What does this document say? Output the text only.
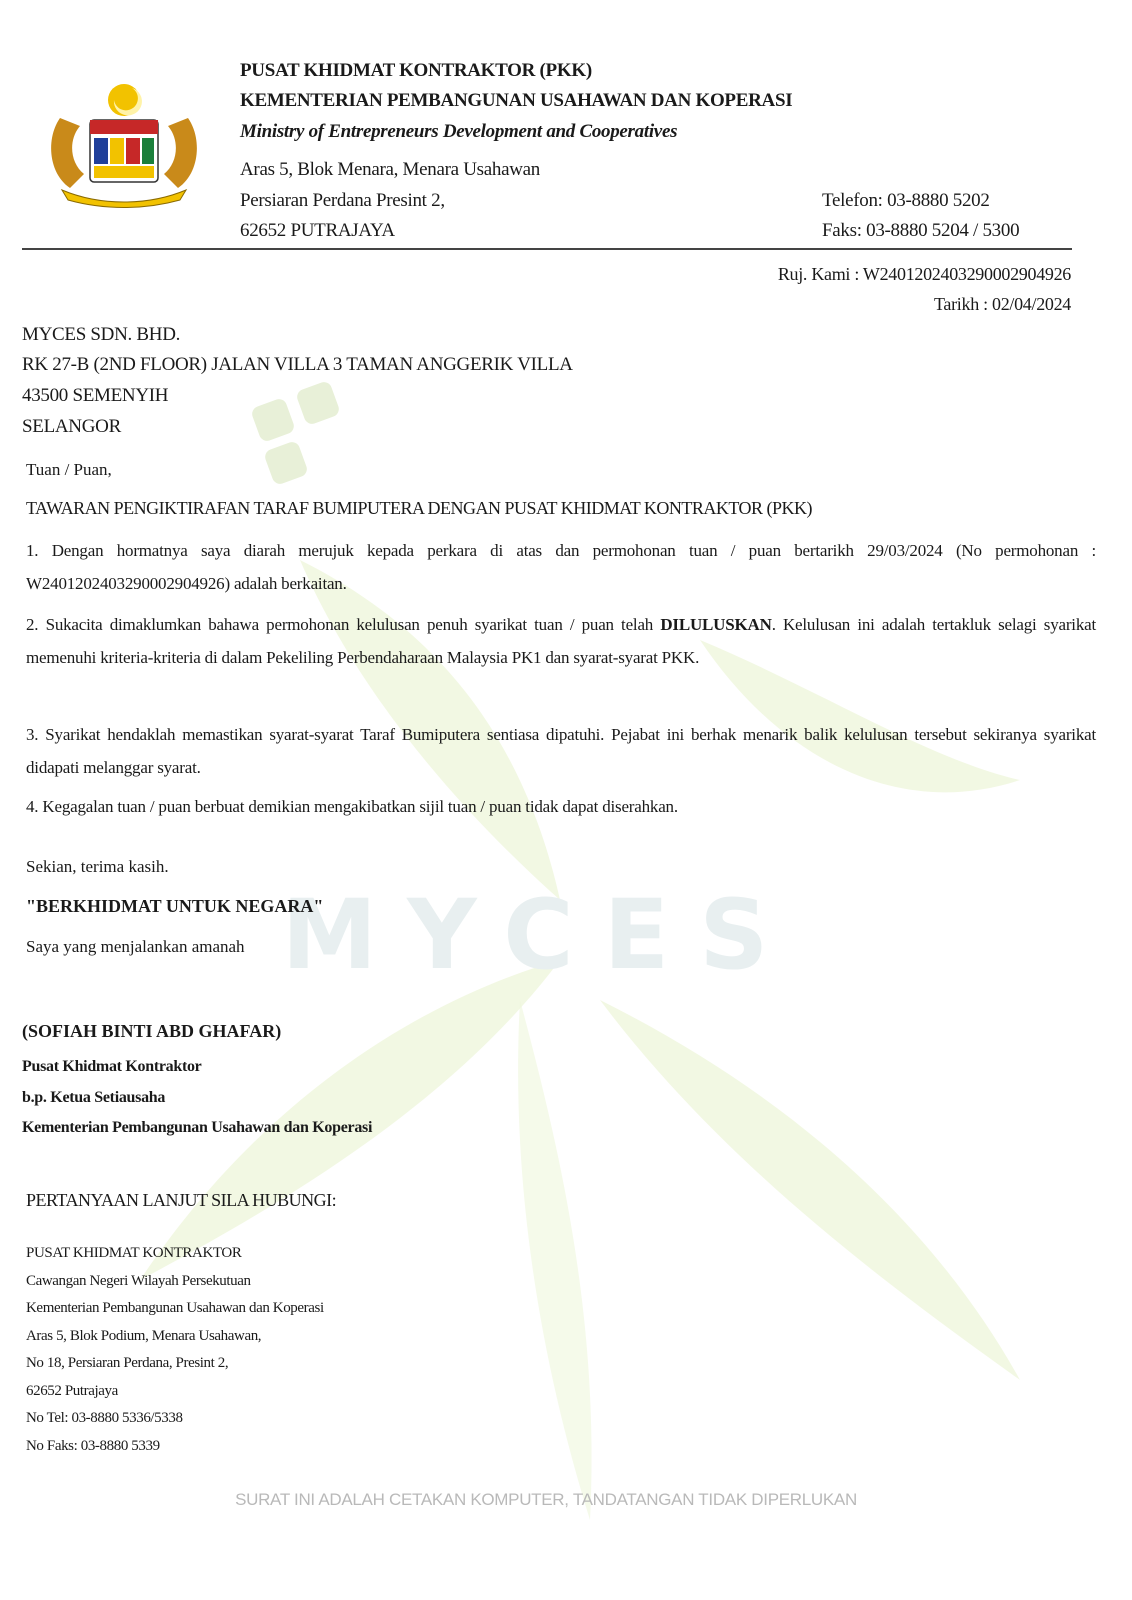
MYCES
PUSAT KHIDMAT KONTRAKTOR (PKK)
KEMENTERIAN PEMBANGUNAN USAHAWAN DAN KOPERASI
Ministry of Entrepreneurs Development and Cooperatives
Aras 5, Blok Menara, Menara Usahawan
Persiaran Perdana Presint 2,
62652 PUTRAJAYA
Telefon: 03-8880 5202
Faks: 03-8880 5204 / 5300
Ruj. Kami : W240120240329000290492​6
Tarikh : 02/04/2024
MYCES SDN. BHD.
RK 27-B (2ND FLOOR) JALAN VILLA 3 TAMAN ANGGERIK VILLA
43500 SEMENYIH
SELANGOR
Tuan / Puan,
TAWARAN PENGIKTIRAFAN TARAF BUMIPUTERA DENGAN PUSAT KHIDMAT KONTRAKTOR (PKK)
1. Dengan hormatnya saya diarah merujuk kepada perkara di atas dan permohonan tuan / puan bertarikh 29/03/2024 (No permohonan : W2401202403290002904926) adalah berkaitan.
2. Sukacita dimaklumkan bahawa permohonan kelulusan penuh syarikat tuan / puan telah DILULUSKAN. Kelulusan ini adalah tertakluk selagi syarikat memenuhi kriteria-kriteria di dalam Pekeliling Perbendaharaan Malaysia PK1 dan syarat-syarat PKK.
3. Syarikat hendaklah memastikan syarat-syarat Taraf Bumiputera sentiasa dipatuhi. Pejabat ini berhak menarik balik kelulusan tersebut sekiranya syarikat didapati melanggar syarat.
4. Kegagalan tuan / puan berbuat demikian mengakibatkan sijil tuan / puan tidak dapat diserahkan.
Sekian, terima kasih.
"BERKHIDMAT UNTUK NEGARA"
Saya yang menjalankan amanah
(SOFIAH BINTI ABD GHAFAR)
Pusat Khidmat Kontraktor
b.p. Ketua Setiausaha
Kementerian Pembangunan Usahawan dan Koperasi
PERTANYAAN LANJUT SILA HUBUNGI:
PUSAT KHIDMAT KONTRAKTOR
Cawangan Negeri Wilayah Persekutuan
Kementerian Pembangunan Usahawan dan Koperasi
Aras 5, Blok Podium, Menara Usahawan,
No 18, Persiaran Perdana, Presint 2,
62652 Putrajaya
No Tel: 03-8880 5336/5338
No Faks: 03-8880 5339
SURAT INI ADALAH CETAKAN KOMPUTER, TANDATANGAN TIDAK DIPERLUKAN
